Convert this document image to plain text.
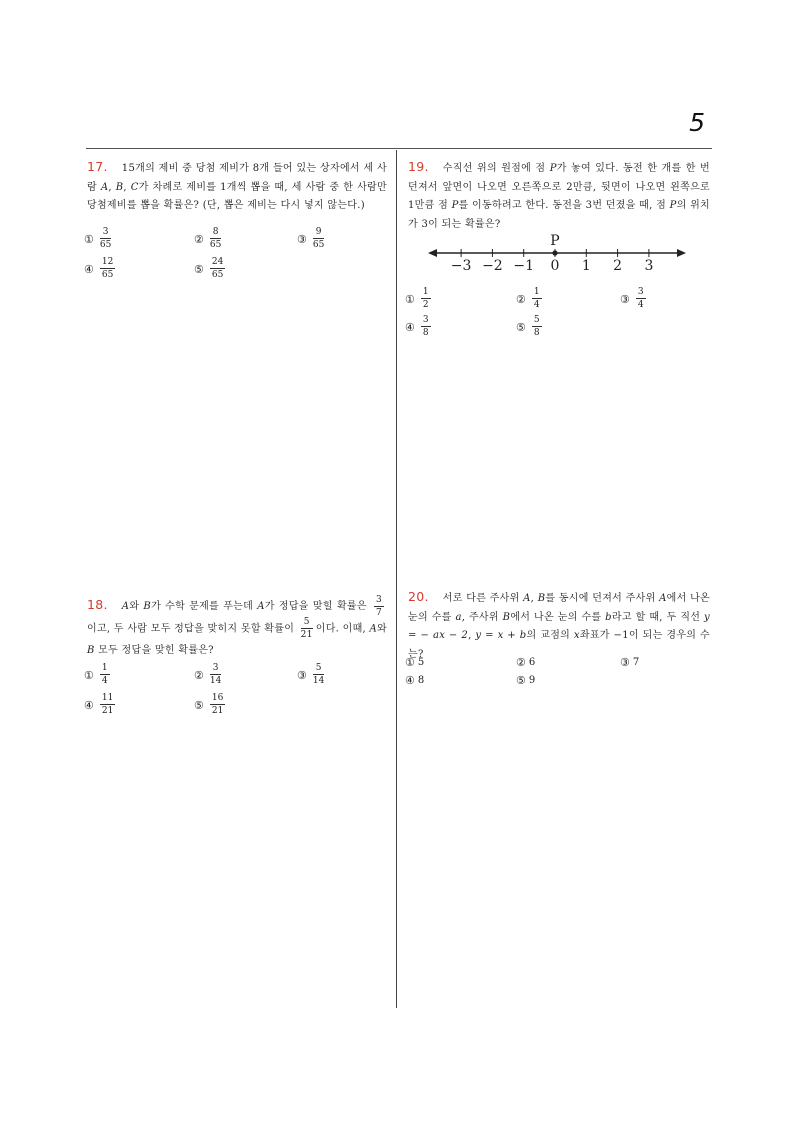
5
17. 15개의 제비 중 당첨 제비가 8개 들어 있는 상자에서 세 사람 A, B, C가 차례로 제비를 1개씩 뽑을 때, 세 사람 중 한 사람만 당첨제비를 뽑을 확률은? (단, 뽑은 제비는 다시 넣지 않는다.)
① $\frac{3}{65}$	② $\frac{8}{65}$	③ $\frac{9}{65}$
④ $\frac{12}{65}$	⑤ $\frac{24}{65}$
18. A와 B가 수학 문제를 푸는데 A가 정답을 맞힐 확률은 $\frac{3}{7}$
이고, 두 사람 모두 정답을 맞히지 못할 확률이 $\frac{5}{21}$ 이다. 이때, A와 B 모두 정답을 맞힌 확률은?
① $\frac{1}{4}$	② $\frac{3}{14}$	③ $\frac{5}{14}$
④ $\frac{11}{21}$	⑤ $\frac{16}{21}$
19. 수직선 위의 원점에 점 P가 놓여 있다. 동전 한 개를 한 번 던져서 앞면이 나오면 오른쪽으로 2만큼, 뒷면이 나오면 왼쪽으로 1만큼 점 P를 이동하려고 한다. 동전을 3번 던졌을 때, 점 P의 위치가 3이 되는 확률은?
−3 −2 −1 0 1 2 3
P
① $\frac{1}{2}$	② $\frac{1}{4}$	③ $\frac{3}{4}$
④ $\frac{3}{8}$	⑤ $\frac{5}{8}$
20. 서로 다른 주사위 A, B를 동시에 던져서 주사위 A에서 나온 눈의 수를 a, 주사위 B에서 나온 눈의 수를 b라고 할 때, 두 직선 y = − ax − 2, y = x + b의 교점의 x좌표가 −1이 되는 경우의 수는?
① 5	② 6	③ 7
④ 8	⑤ 9
